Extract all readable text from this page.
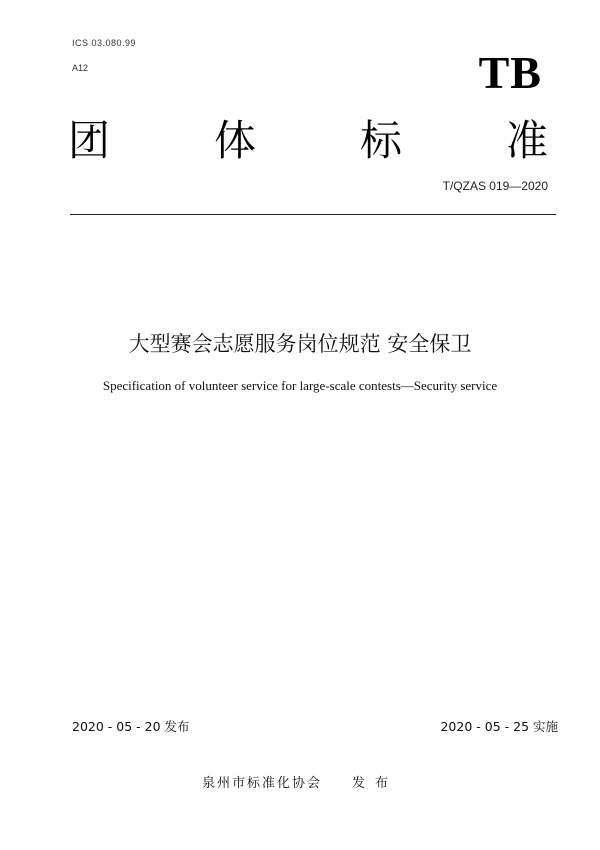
ICS 03.080.99
A12	TB
团 体 标 准
T/QZAS 019—2020
大型赛会志愿服务岗位规范 安全保卫
Specification of volunteer service for large-scale contests—Security service
2020 - 05 - 20 发布	2020 - 05 - 25 实施
泉州市标准化协会 发布
